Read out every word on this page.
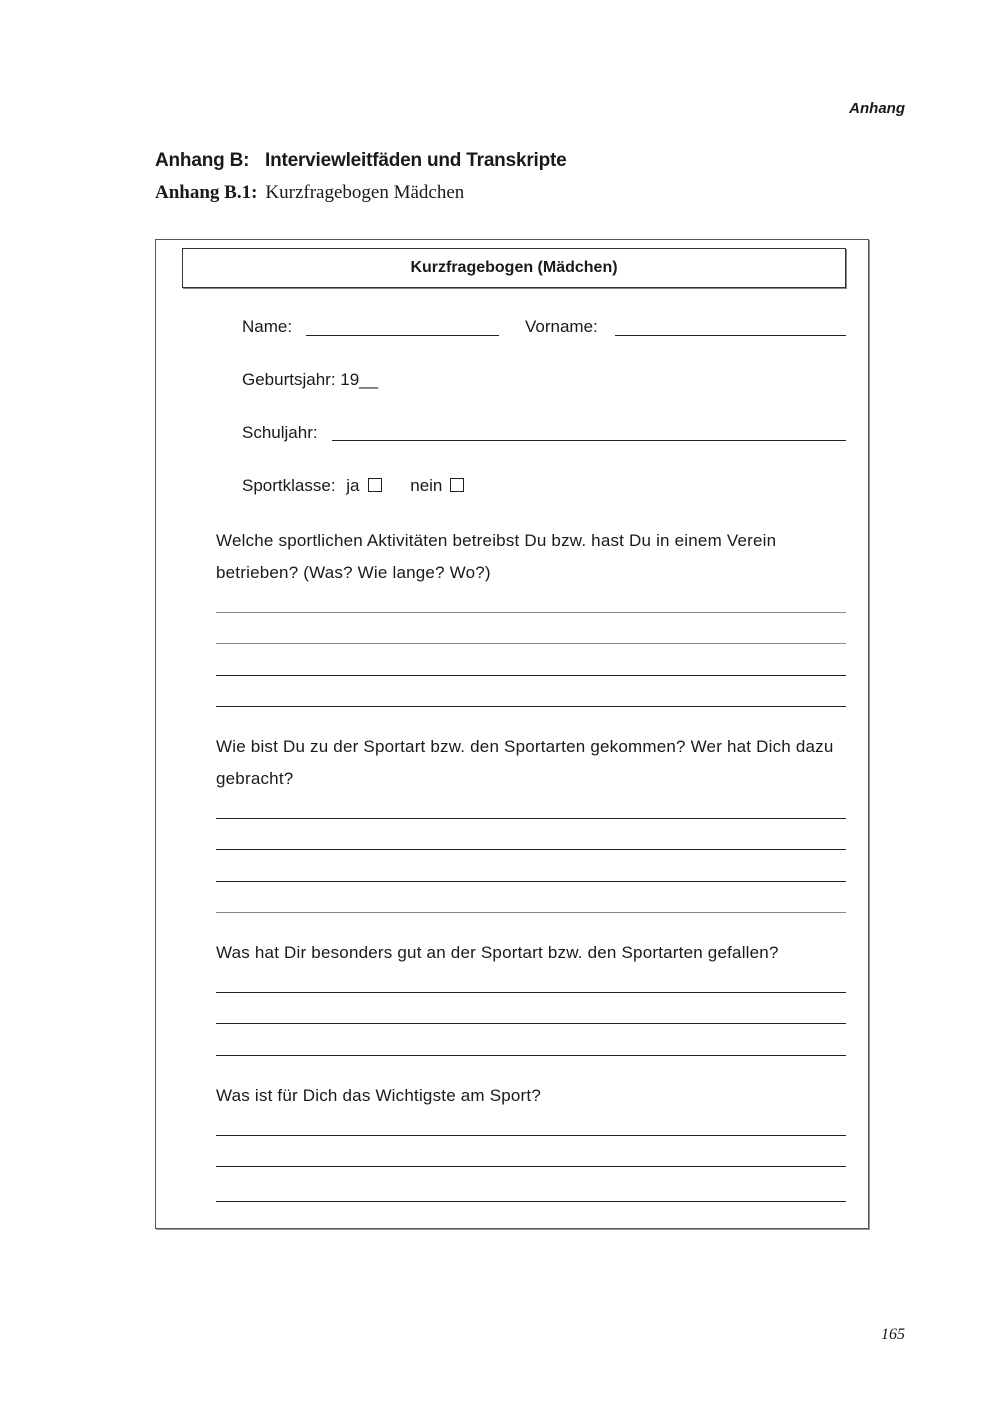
Anhang
Anhang B: Interviewleitfäden und Transkripte
Anhang B.1: Kurzfragebogen Mädchen
Kurzfragebogen (Mädchen)
Name:	Vorname:
Geburtsjahr: 19__
Schuljahr:
Sportklasse: ja	nein
Welche sportlichen Aktivitäten betreibst Du bzw. hast Du in einem Verein betrieben? (Was? Wie lange? Wo?)
Wie bist Du zu der Sportart bzw. den Sportarten gekommen? Wer hat Dich dazu gebracht?
Was hat Dir besonders gut an der Sportart bzw. den Sportarten gefallen?
Was ist für Dich das Wichtigste am Sport?
165
